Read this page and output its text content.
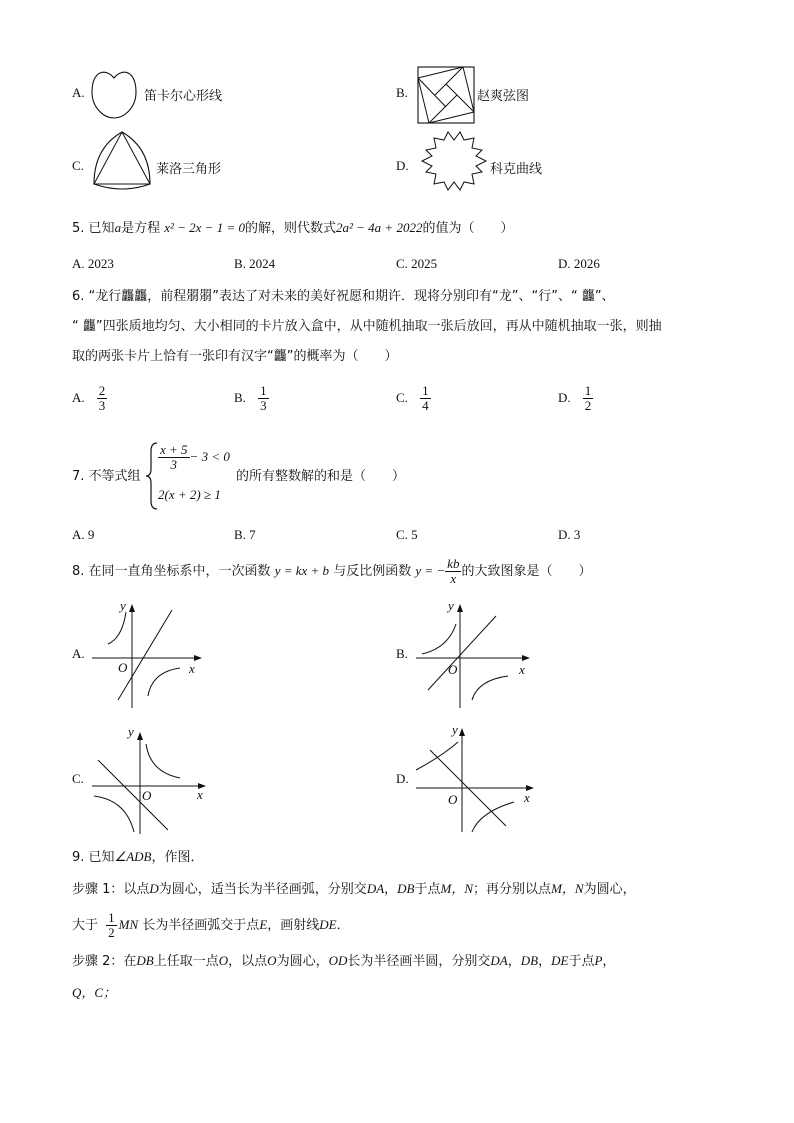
A.	笛卡尔心形线	B.	赵爽弦图
C.	莱洛三角形	D.	科克曲线
5. 已知a是方程 x² − 2x − 1 = 0的解，则代数式2a² − 4a + 2022的值为（　　）
A. 2023	B. 2024	C. 2025	D. 2026
6. “龙行龘龘，前程朤朤”表达了对未来的美好祝愿和期许．现将分别印有“龙”、“行”、“ 龘”、
“ 龘”四张质地均匀、大小相同的卡片放入盒中，从中随机抽取一张后放回，再从中随机抽取一张，则抽
取的两张卡片上恰有一张印有汉字“龘”的概率为（　　）
A. $\frac{2}{3}$	B. $\frac{1}{3}$	C. $\frac{1}{4}$	D. $\frac{1}{2}$
7. 不等式组
$\frac{x + 5}{3} - 3 < 0$
2(x + 2) ≥ 1
的所有整数解的和是（　　）
A. 9	B. 7	C. 5	D. 3
8. 在同一直角坐标系中，一次函数 y = kx + b 与反比例函数 y = − $\frac{kb}{x}$ 的大致图象是（　　）
A.
x
y
O
B.
x
y
O
C.
x
y
O
D.
x
y
O
9. 已知∠ADB，作图．
步骤 1：以点D为圆心，适当长为半径画弧，分别交DA，DB于点M，N；再分别以点M，N为圆心，
大于 $\frac{1}{2}$ MN 长为半径画弧交于点E，画射线DE．
步骤 2：在DB上任取一点O，以点O为圆心，OD长为半径画半圆，分别交DA，DB，DE于点P，
Q，C；
